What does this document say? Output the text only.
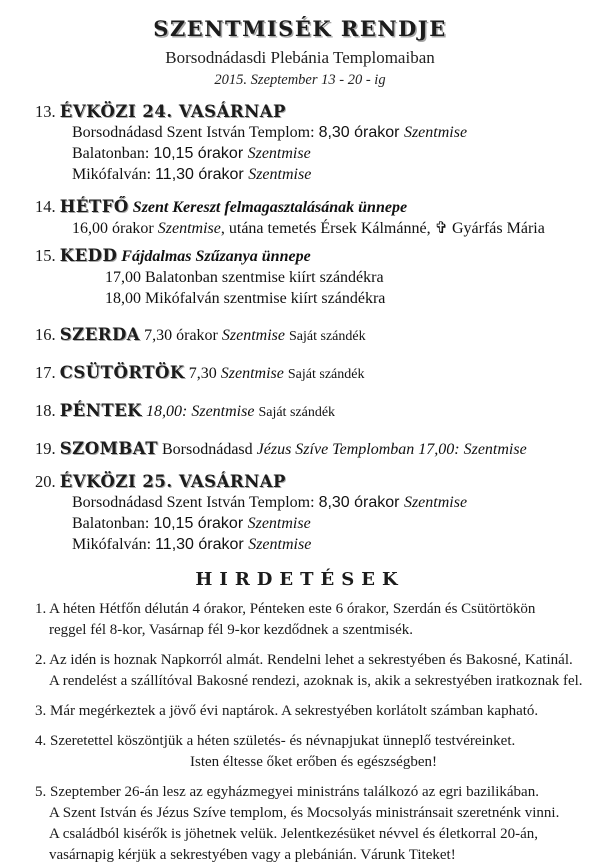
SZENTMISÉK RENDJE
Borsodnádasdi Plebánia Templomaiban
2015. Szeptember 13 - 20 - ig
13. ÉVKÖZI 24. VASÁRNAP
Borsodnádasd Szent István Templom: 8,30 órakor Szentmise
Balatonban: 10,15 órakor Szentmise
Mikófalván: 11,30 órakor Szentmise
14. HÉTFŐ Szent Kereszt felmagasztalásának ünnepe
16,00 órakor Szentmise, utána temetés Érsek Kálmánné, ✞ Gyárfás Mária
15. KEDD Fájdalmas Szűzanya ünnepe
17,00 Balatonban szentmise kiírt szándékra
18,00 Mikófalván szentmise kiírt szándékra
16. SZERDA 7,30 órakor Szentmise Saját szándék
17. CSÜTÖRTÖK 7,30 Szentmise Saját szándék
18. PÉNTEK 18,00: Szentmise Saját szándék
19. SZOMBAT Borsodnádasd Jézus Szíve Templomban 17,00: Szentmise
20. ÉVKÖZI 25. VASÁRNAP
Borsodnádasd Szent István Templom: 8,30 órakor Szentmise
Balatonban: 10,15 órakor Szentmise
Mikófalván: 11,30 órakor Szentmise
HIRDETÉSEK
1. A héten Hétfőn délután 4 órakor, Pénteken este 6 órakor, Szerdán és Csütörtökön
reggel fél 8-kor, Vasárnap fél 9-kor kezdődnek a szentmisék.
2. Az idén is hoznak Napkorról almát. Rendelni lehet a sekrestyében és Bakosné, Katinál.
A rendelést a szállítóval Bakosné rendezi, azoknak is, akik a sekrestyében iratkoznak fel.
3. Már megérkeztek a jövő évi naptárok. A sekrestyében korlátolt számban kapható.
4. Szeretettel köszöntjük a héten születés- és névnapjukat ünneplő testvéreinket.
Isten éltesse őket erőben és egészségben!
5. Szeptember 26-án lesz az egyházmegyei ministráns találkozó az egri bazilikában.
A Szent István és Jézus Szíve templom, és Mocsolyás ministránsait szeretnénk vinni.
A családból kisérők is jöhetnek velük. Jelentkezésüket névvel és életkorral 20-án,
vasárnapig kérjük a sekrestyében vagy a plebánián. Várunk Titeket!
